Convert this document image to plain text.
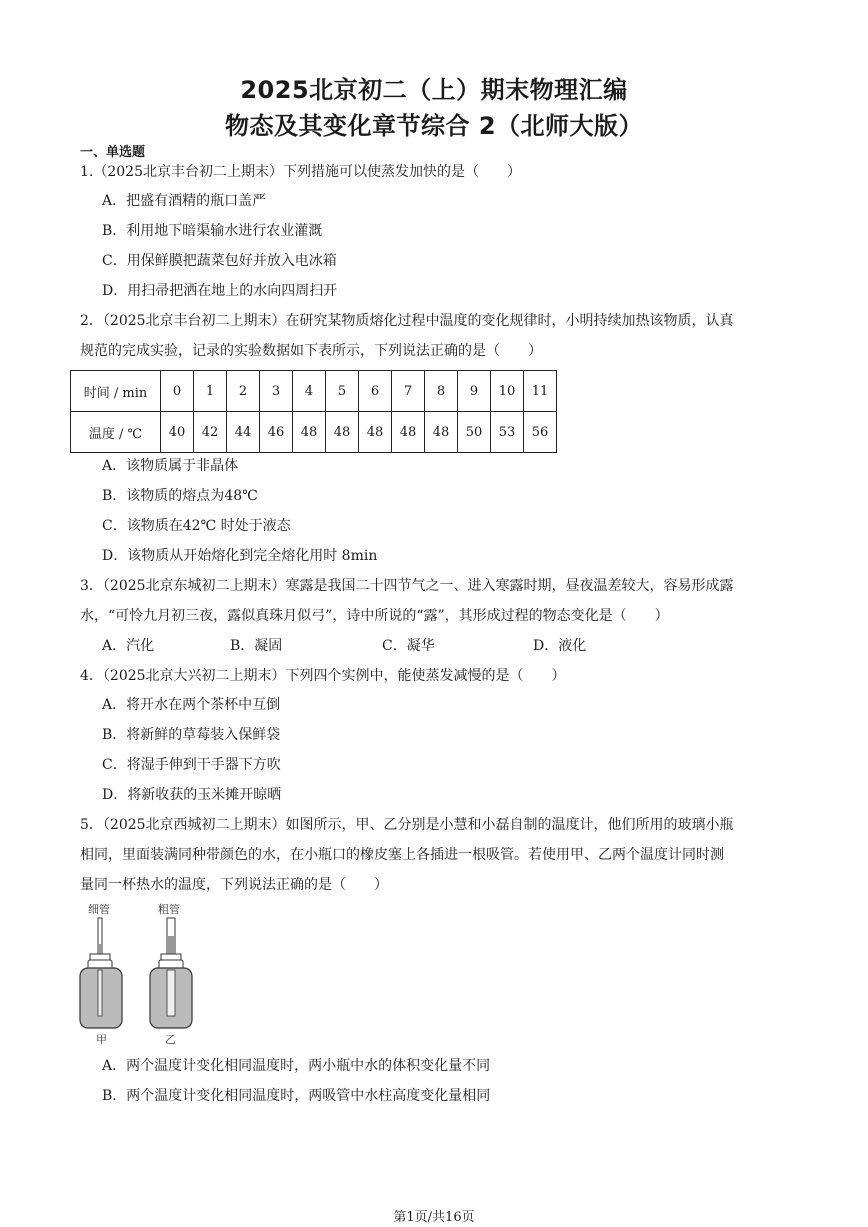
2025北京初二（上）期末物理汇编
物态及其变化章节综合 2（北师大版）
一、单选题
1.（2025北京丰台初二上期末）下列措施可以使蒸发加快的是（　　）
A．把盛有酒精的瓶口盖严
B．利用地下暗渠输水进行农业灌溉
C．用保鲜膜把蔬菜包好并放入电冰箱
D．用扫帚把洒在地上的水向四周扫开
2．（2025北京丰台初二上期末）在研究某物质熔化过程中温度的变化规律时，小明持续加热该物质，认真
规范的完成实验，记录的实验数据如下表所示，下列说法正确的是（　　）
时间 / min	0	1	2	3	4	5	6	7	8	9	10	11
温度 / ℃	40	42	44	46	48	48	48	48	48	50	53	56
A．该物质属于非晶体
B．该物质的熔点为48℃
C．该物质在42℃ 时处于液态
D．该物质从开始熔化到完全熔化用时 8min
3．（2025北京东城初二上期末）寒露是我国二十四节气之一、进入寒露时期，昼夜温差较大，容易形成露
水，“可怜九月初三夜，露似真珠月似弓”，诗中所说的“露”，其形成过程的物态变化是（　　）
A．汽化	B．凝固	C．凝华	D．液化
4．（2025北京大兴初二上期末）下列四个实例中，能使蒸发减慢的是（　　）
A．将开水在两个茶杯中互倒
B．将新鲜的草莓装入保鲜袋
C．将湿手伸到干手器下方吹
D．将新收获的玉米摊开晾晒
5．（2025北京西城初二上期末）如图所示，甲、乙分别是小慧和小磊自制的温度计，他们所用的玻璃小瓶
相同，里面装满同种带颜色的水，在小瓶口的橡皮塞上各插进一根吸管。若使用甲、乙两个温度计同时测
量同一杯热水的温度，下列说法正确的是（　　）
细管	粗管
甲	乙
A．两个温度计变化相同温度时，两小瓶中水的体积变化量不同
B．两个温度计变化相同温度时，两吸管中水柱高度变化量相同
第1页/共16页
